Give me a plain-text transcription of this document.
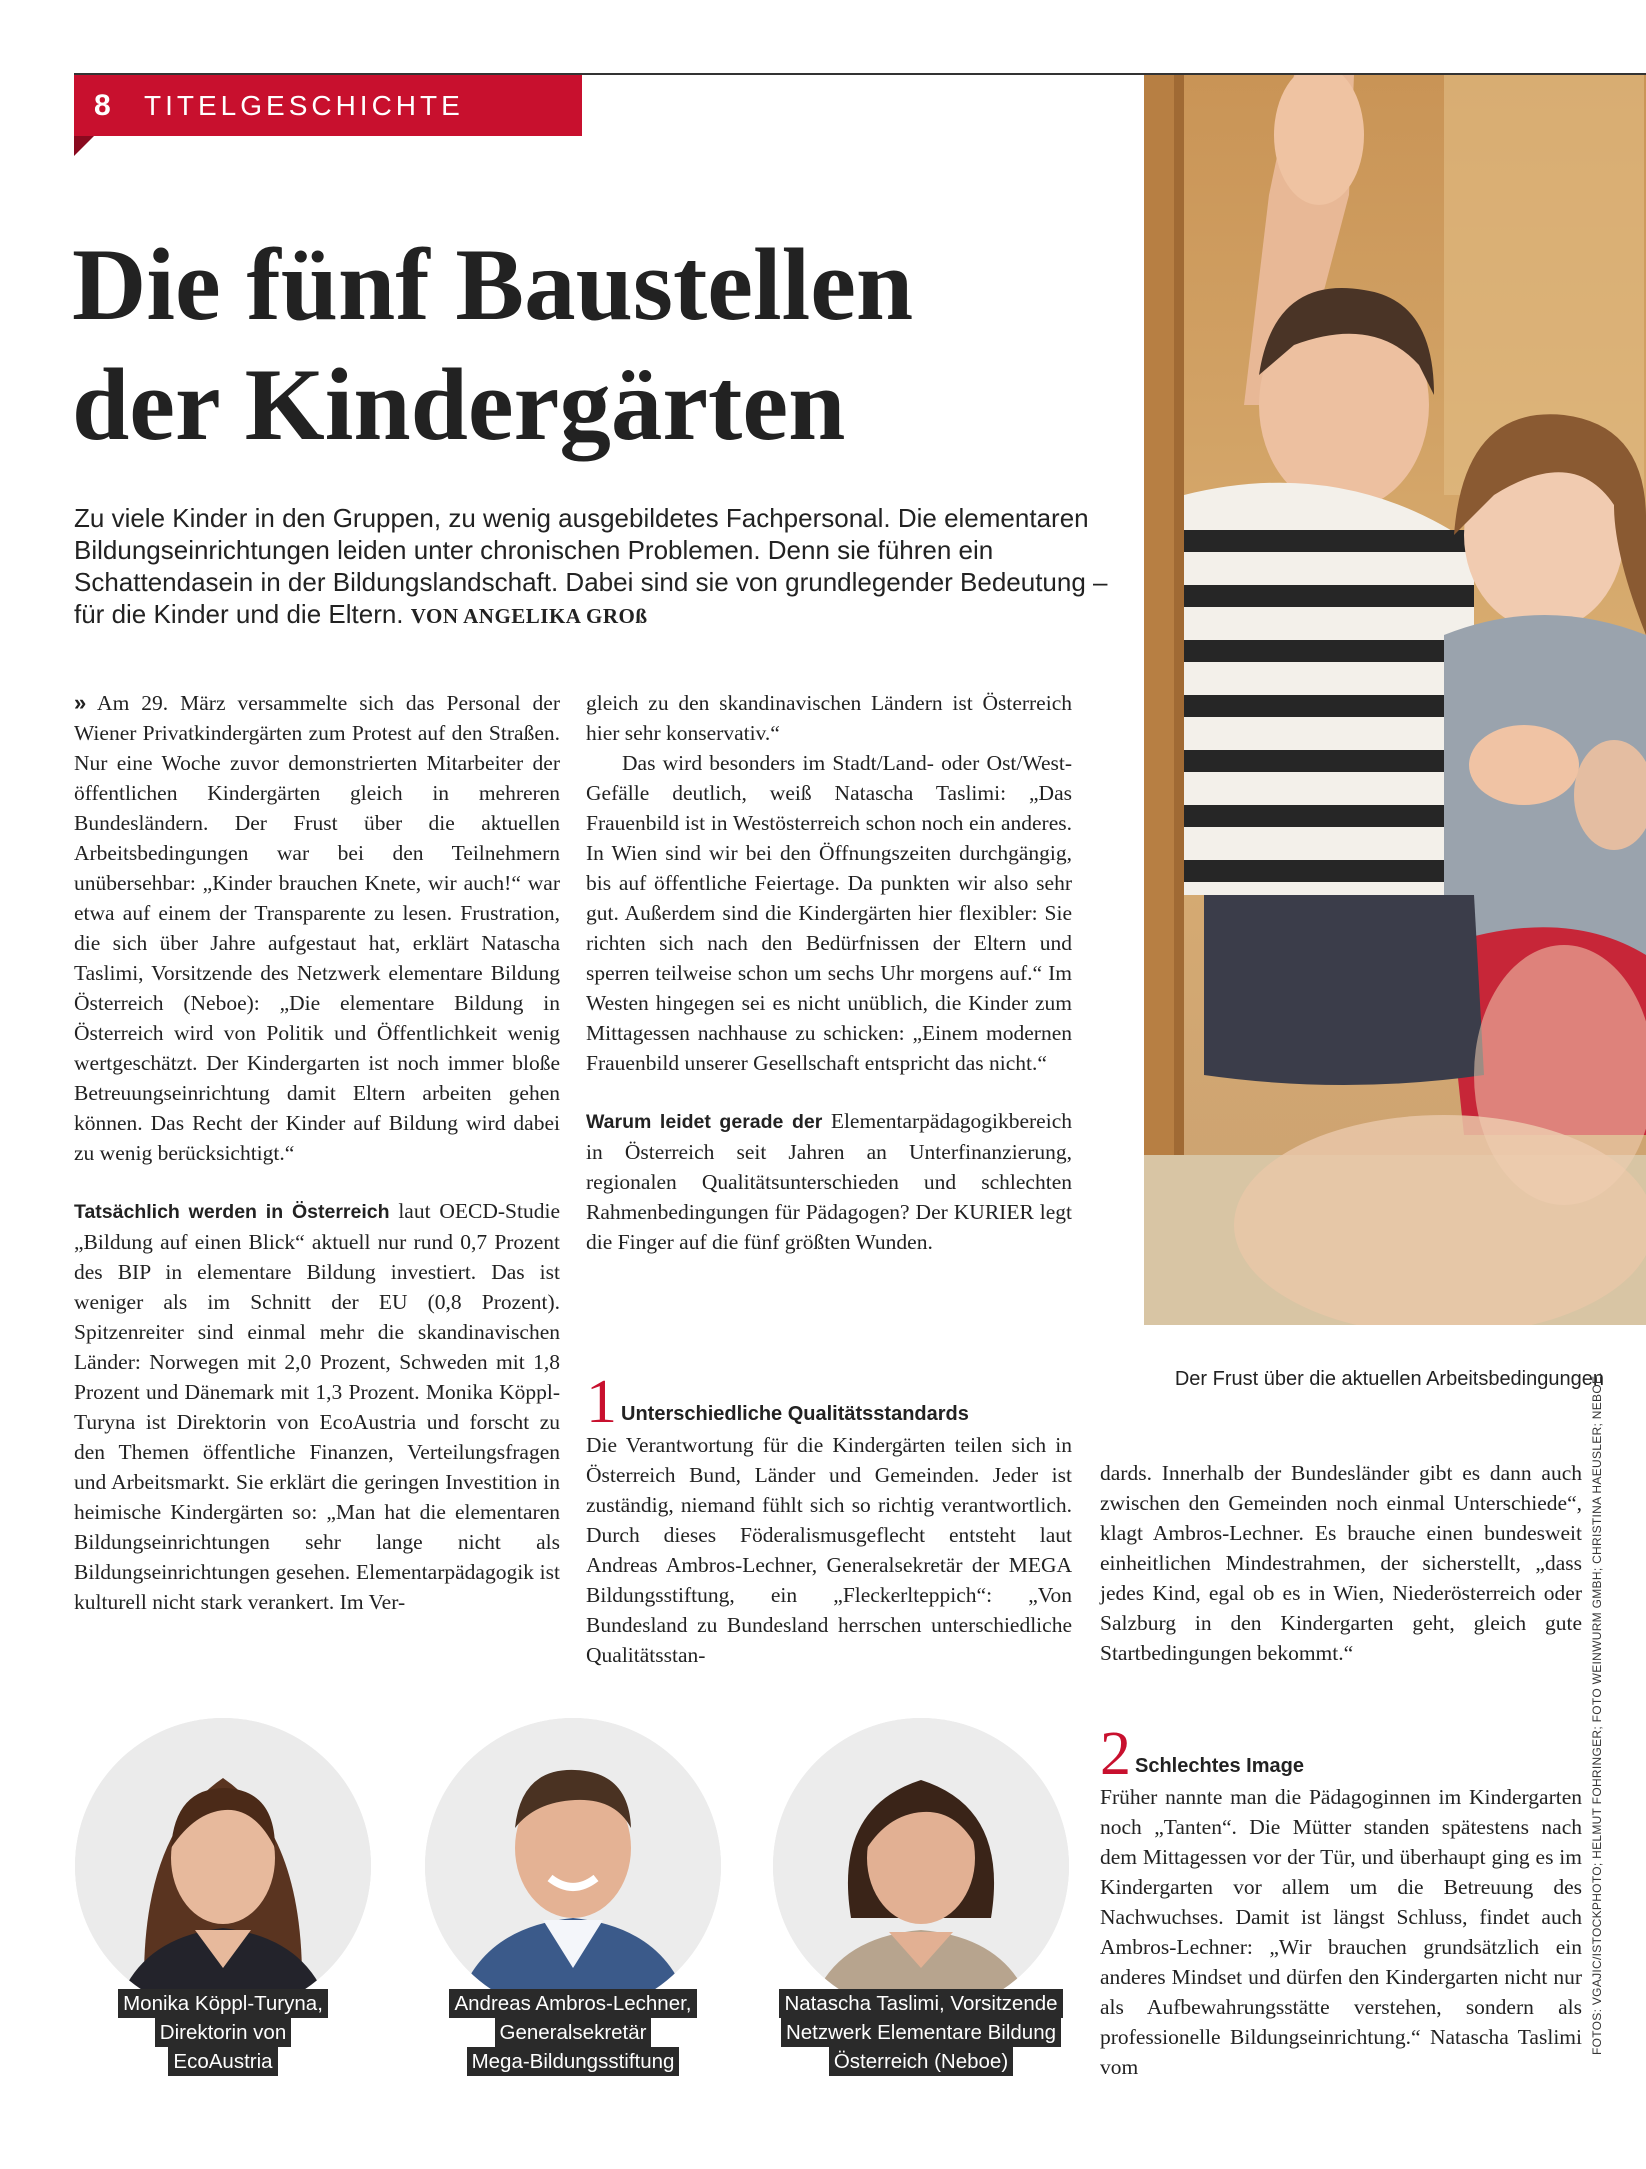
8	TITELGESCHICHTE
Die fünf Baustellen
der Kindergärten
Zu viele Kinder in den Gruppen, zu wenig ausgebildetes Fachpersonal. Die elementaren Bildungseinrichtungen leiden unter chronischen Problemen. Denn sie führen ein Schattendasein in der Bildungslandschaft. Dabei sind sie von grundlegender Bedeutung – für die Kinder und die Eltern. VON ANGELIKA GROß

» Am 29. März versammelte sich das Personal der Wiener Privatkindergärten zum Protest auf den Straßen. Nur eine Woche zuvor demonstrierten Mitarbeiter der öffentlichen Kindergärten gleich in mehreren Bundesländern. Der Frust über die aktuellen Arbeitsbedingungen war bei den Teilnehmern unübersehbar: „Kinder brauchen Knete, wir auch!“ war etwa auf einem der Transparente zu lesen. Frustration, die sich über Jahre aufgestaut hat, erklärt Natascha Taslimi, Vorsitzende des Netzwerk elementare Bildung Österreich (Neboe): „Die elementare Bildung in Österreich wird von Politik und Öffentlichkeit wenig wertgeschätzt. Der Kindergarten ist noch immer bloße Betreuungseinrichtung damit Eltern arbeiten gehen können. Das Recht der Kinder auf Bildung wird dabei zu wenig berücksichtigt.“

Tatsächlich werden in Österreich laut OECD-Studie „Bildung auf einen Blick“ aktuell nur rund 0,7 Prozent des BIP in elementare Bildung investiert. Das ist weniger als im Schnitt der EU (0,8 Prozent). Spitzenreiter sind einmal mehr die skandinavischen Länder: Norwegen mit 2,0 Prozent, Schweden mit 1,8 Prozent und Dänemark mit 1,3 Prozent. Monika Köppl-Turyna ist Direktorin von EcoAustria und forscht zu den Themen öffentliche Finanzen, Verteilungsfragen und Arbeitsmarkt. Sie erklärt die geringen Investition in heimische Kindergärten so: „Man hat die elementaren Bildungseinrichtungen sehr lange nicht als Bildungseinrichtungen gesehen. Elementarpädagogik ist kulturell nicht stark verankert. Im Ver-

gleich zu den skandinavischen Ländern ist Österreich hier sehr konservativ.“

Das wird besonders im Stadt/Land- oder Ost/West-Gefälle deutlich, weiß Natascha Taslimi: „Das Frauenbild ist in Westösterreich schon noch ein anderes. In Wien sind wir bei den Öffnungszeiten durchgängig, bis auf öffentliche Feiertage. Da punkten wir also sehr gut. Außerdem sind die Kindergärten hier flexibler: Sie richten sich nach den Bedürfnissen der Eltern und sperren teilweise schon um sechs Uhr morgens auf.“ Im Westen hingegen sei es nicht unüblich, die Kinder zum Mittagessen nachhause zu schicken: „Einem modernen Frauenbild unserer Gesellschaft entspricht das nicht.“

Warum leidet gerade der Elementarpädagogikbereich in Österreich seit Jahren an Unterfinanzierung, regionalen Qualitätsunterschieden und schlechten Rahmenbedingungen für Pädagogen? Der KURIER legt die Finger auf die fünf größten Wunden.

1 Unterschiedliche Qualitätsstandards

Die Verantwortung für die Kindergärten teilen sich in Österreich Bund, Länder und Gemeinden. Jeder ist zuständig, niemand fühlt sich so richtig verantwortlich. Durch dieses Föderalismusgeflecht entsteht laut Andreas Ambros-Lechner, Generalsekretär der MEGA Bildungsstiftung, ein „Fleckerlteppich“: „Von Bundesland zu Bundesland herrschen unterschiedliche Qualitätsstan-

dards. Innerhalb der Bundesländer gibt es dann auch zwischen den Gemeinden noch einmal Unterschiede“, klagt Ambros-Lechner. Es brauche einen bundesweit einheitlichen Mindestrahmen, der sicherstellt, „dass jedes Kind, egal ob es in Wien, Niederösterreich oder Salzburg in den Kindergarten geht, gleich gute Startbedingungen bekommt.“

2 Schlechtes Image

Früher nannte man die Pädagoginnen im Kindergarten noch „Tanten“. Die Mütter standen spätestens nach dem Mittagessen vor der Tür, und überhaupt ging es im Kindergarten vor allem um die Betreuung des Nachwuchses. Damit ist längst Schluss, findet auch Ambros-Lechner: „Wir brauchen grundsätzlich ein anderes Mindset und dürfen den Kindergarten nicht nur als Aufbewahrungsstätte verstehen, sondern als professionelle Bildungseinrichtung.“ Natascha Taslimi vom

Der Frust über die aktuellen Arbeitsbedingungen
FOTOS: VGAJIC/ISTOCKPHOTO; HELMUT FOHRINGER; FOTO WEINWURM GMBH; CHRISTINA HAEUSLER; NEBOE.
Monika Köppl-Turyna,
Direktorin von
EcoAustria
Andreas Ambros-Lechner,
Generalsekretär
Mega-Bildungsstiftung
Natascha Taslimi, Vorsitzende
Netzwerk Elementare Bildung
Österreich (Neboe)
